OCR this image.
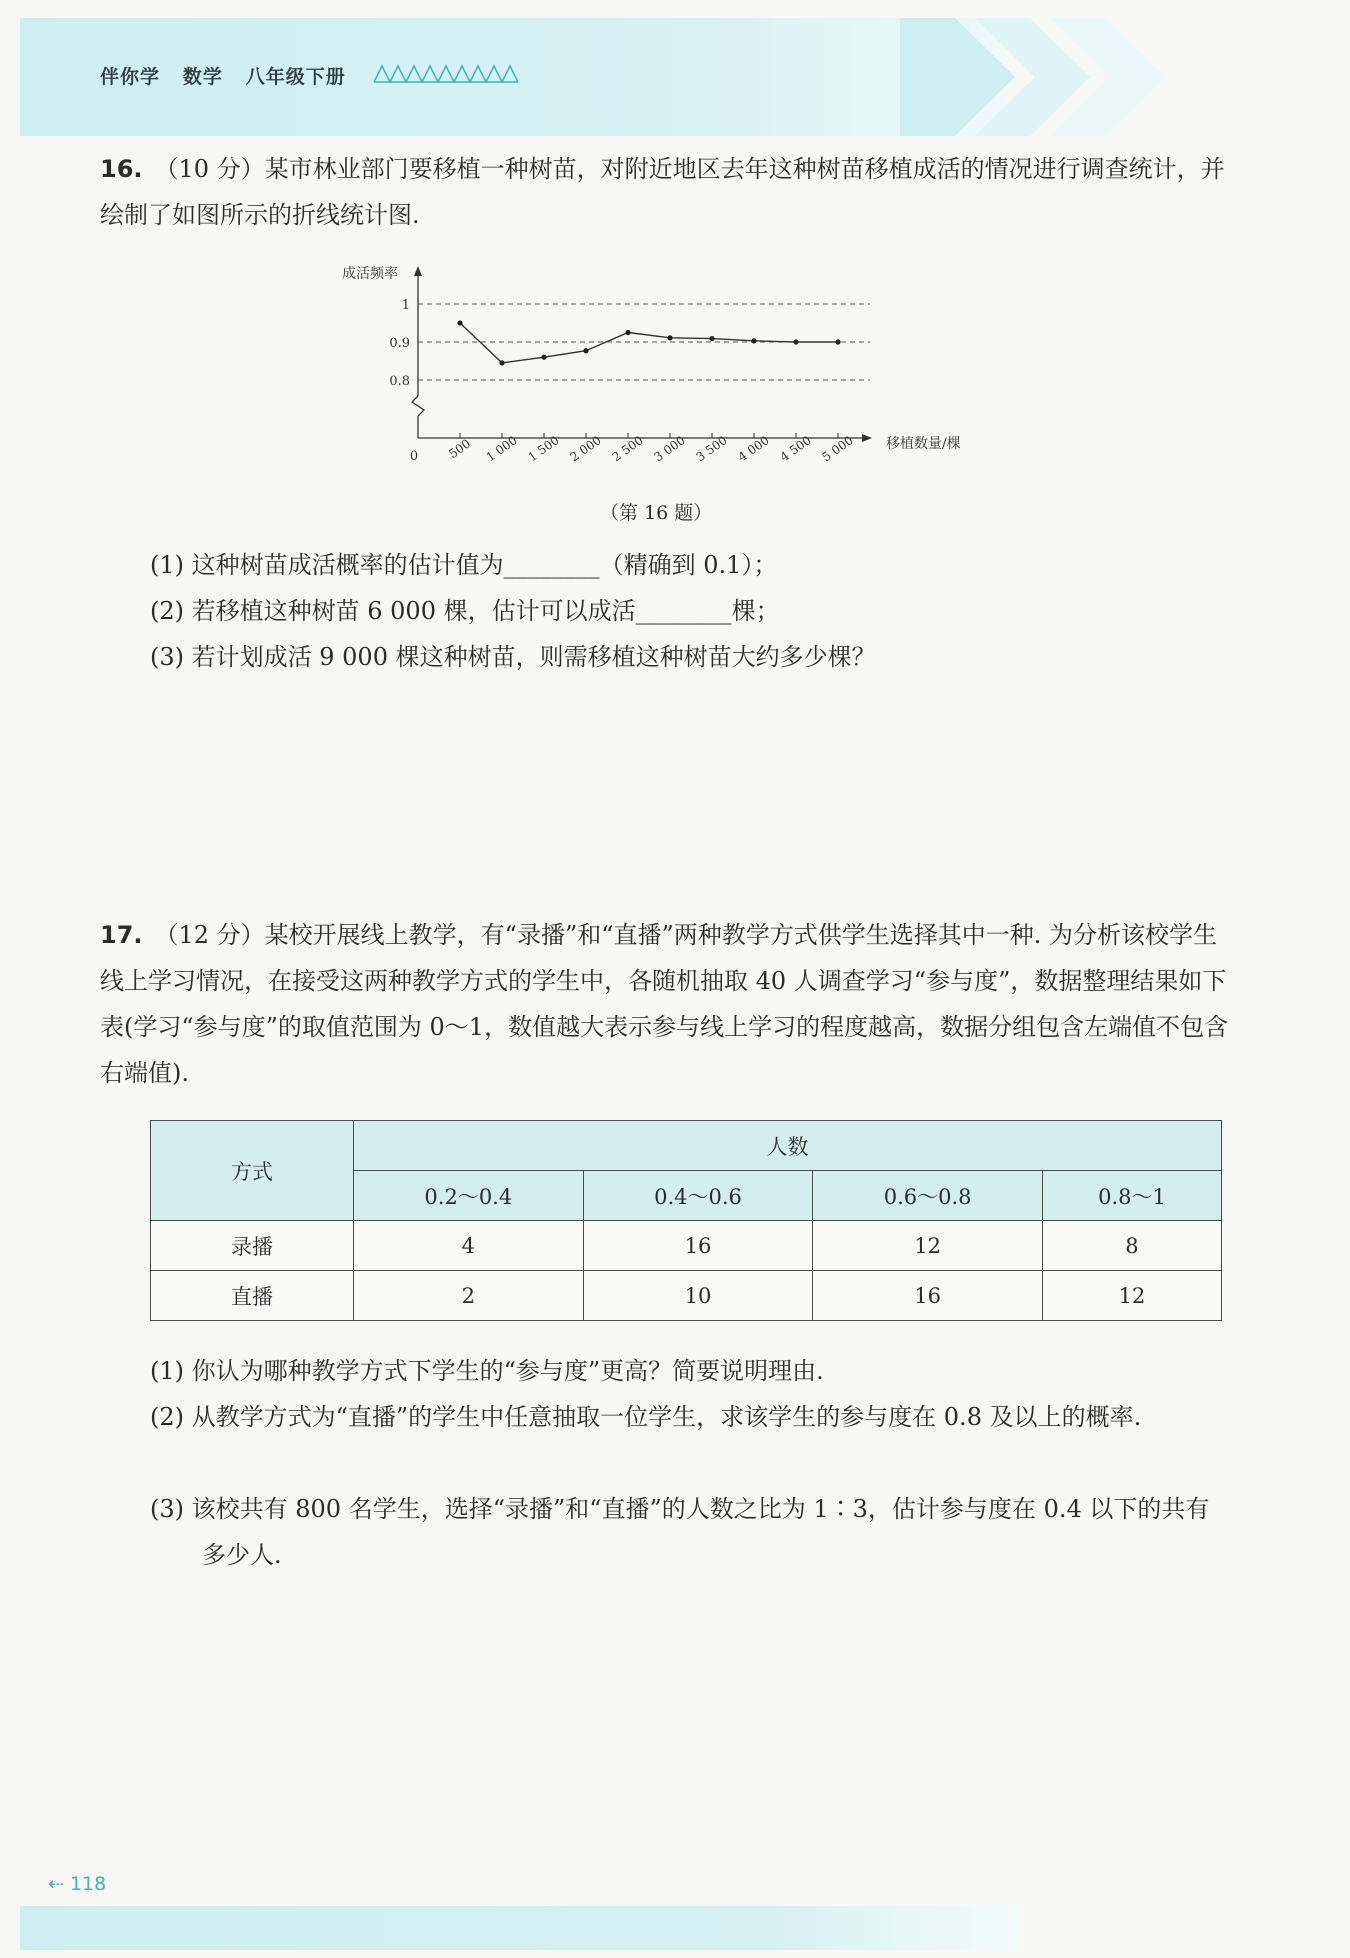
伴你学 数学 八年级下册
16. （10 分）某市林业部门要移植一种树苗，对附近地区去年这种树苗移植成活的情况进行调查统计，并绘制了如图所示的折线统计图.
0.8
0.9
1
成活频率
0
移植数量/棵
500 1 000 1 500 2 000 2 500 3 000 3 500 4 000 4 500 5 000
（第 16 题）
(1) 这种树苗成活概率的估计值为________（精确到 0.1）；
(2) 若移植这种树苗 6 000 棵，估计可以成活________棵；
(3) 若计划成活 9 000 棵这种树苗，则需移植这种树苗大约多少棵？
17. （12 分）某校开展线上教学，有“录播”和“直播”两种教学方式供学生选择其中一种. 为分析该校学生线上学习情况，在接受这两种教学方式的学生中，各随机抽取 40 人调查学习“参与度”，数据整理结果如下表(学习“参与度”的取值范围为 0～1，数值越大表示参与线上学习的程度越高，数据分组包含左端值不包含右端值).
方式	人数			
	0.2～0.4	0.4～0.6	0.6～0.8	0.8～1
录播	4	16	12	8
直播	2	10	16	12
(1) 你认为哪种教学方式下学生的“参与度”更高？简要说明理由.
(2) 从教学方式为“直播”的学生中任意抽取一位学生，求该学生的参与度在 0.8 及以上的概率.
(3) 该校共有 800 名学生，选择“录播”和“直播”的人数之比为 1∶3，估计参与度在 0.4 以下的共有多少人.
⇠ 118
